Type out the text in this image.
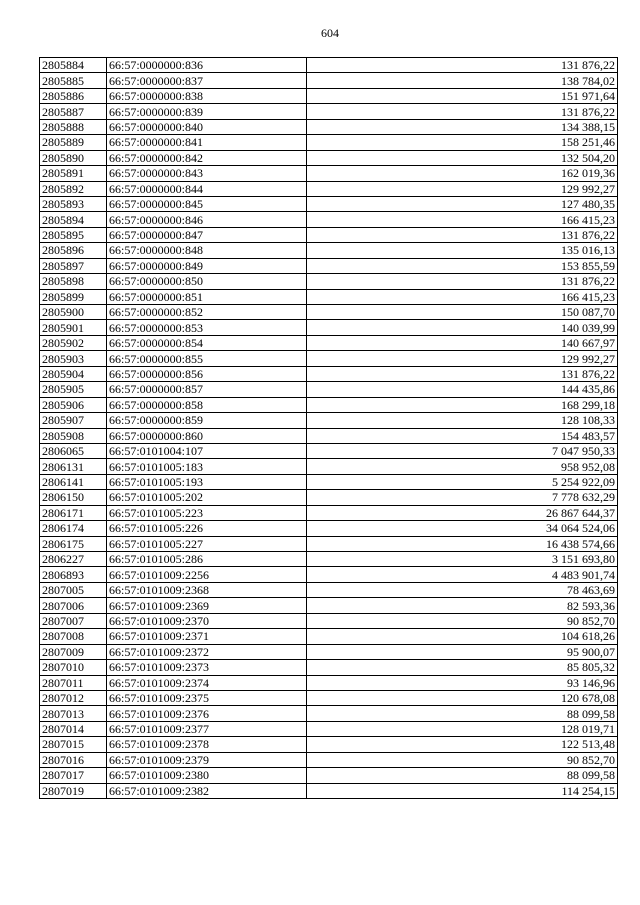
604
2805884	66:57:0000000:836	131 876,22
2805885	66:57:0000000:837	138 784,02
2805886	66:57:0000000:838	151 971,64
2805887	66:57:0000000:839	131 876,22
2805888	66:57:0000000:840	134 388,15
2805889	66:57:0000000:841	158 251,46
2805890	66:57:0000000:842	132 504,20
2805891	66:57:0000000:843	162 019,36
2805892	66:57:0000000:844	129 992,27
2805893	66:57:0000000:845	127 480,35
2805894	66:57:0000000:846	166 415,23
2805895	66:57:0000000:847	131 876,22
2805896	66:57:0000000:848	135 016,13
2805897	66:57:0000000:849	153 855,59
2805898	66:57:0000000:850	131 876,22
2805899	66:57:0000000:851	166 415,23
2805900	66:57:0000000:852	150 087,70
2805901	66:57:0000000:853	140 039,99
2805902	66:57:0000000:854	140 667,97
2805903	66:57:0000000:855	129 992,27
2805904	66:57:0000000:856	131 876,22
2805905	66:57:0000000:857	144 435,86
2805906	66:57:0000000:858	168 299,18
2805907	66:57:0000000:859	128 108,33
2805908	66:57:0000000:860	154 483,57
2806065	66:57:0101004:107	7 047 950,33
2806131	66:57:0101005:183	958 952,08
2806141	66:57:0101005:193	5 254 922,09
2806150	66:57:0101005:202	7 778 632,29
2806171	66:57:0101005:223	26 867 644,37
2806174	66:57:0101005:226	34 064 524,06
2806175	66:57:0101005:227	16 438 574,66
2806227	66:57:0101005:286	3 151 693,80
2806893	66:57:0101009:2256	4 483 901,74
2807005	66:57:0101009:2368	78 463,69
2807006	66:57:0101009:2369	82 593,36
2807007	66:57:0101009:2370	90 852,70
2807008	66:57:0101009:2371	104 618,26
2807009	66:57:0101009:2372	95 900,07
2807010	66:57:0101009:2373	85 805,32
2807011	66:57:0101009:2374	93 146,96
2807012	66:57:0101009:2375	120 678,08
2807013	66:57:0101009:2376	88 099,58
2807014	66:57:0101009:2377	128 019,71
2807015	66:57:0101009:2378	122 513,48
2807016	66:57:0101009:2379	90 852,70
2807017	66:57:0101009:2380	88 099,58
2807019	66:57:0101009:2382	114 254,15
